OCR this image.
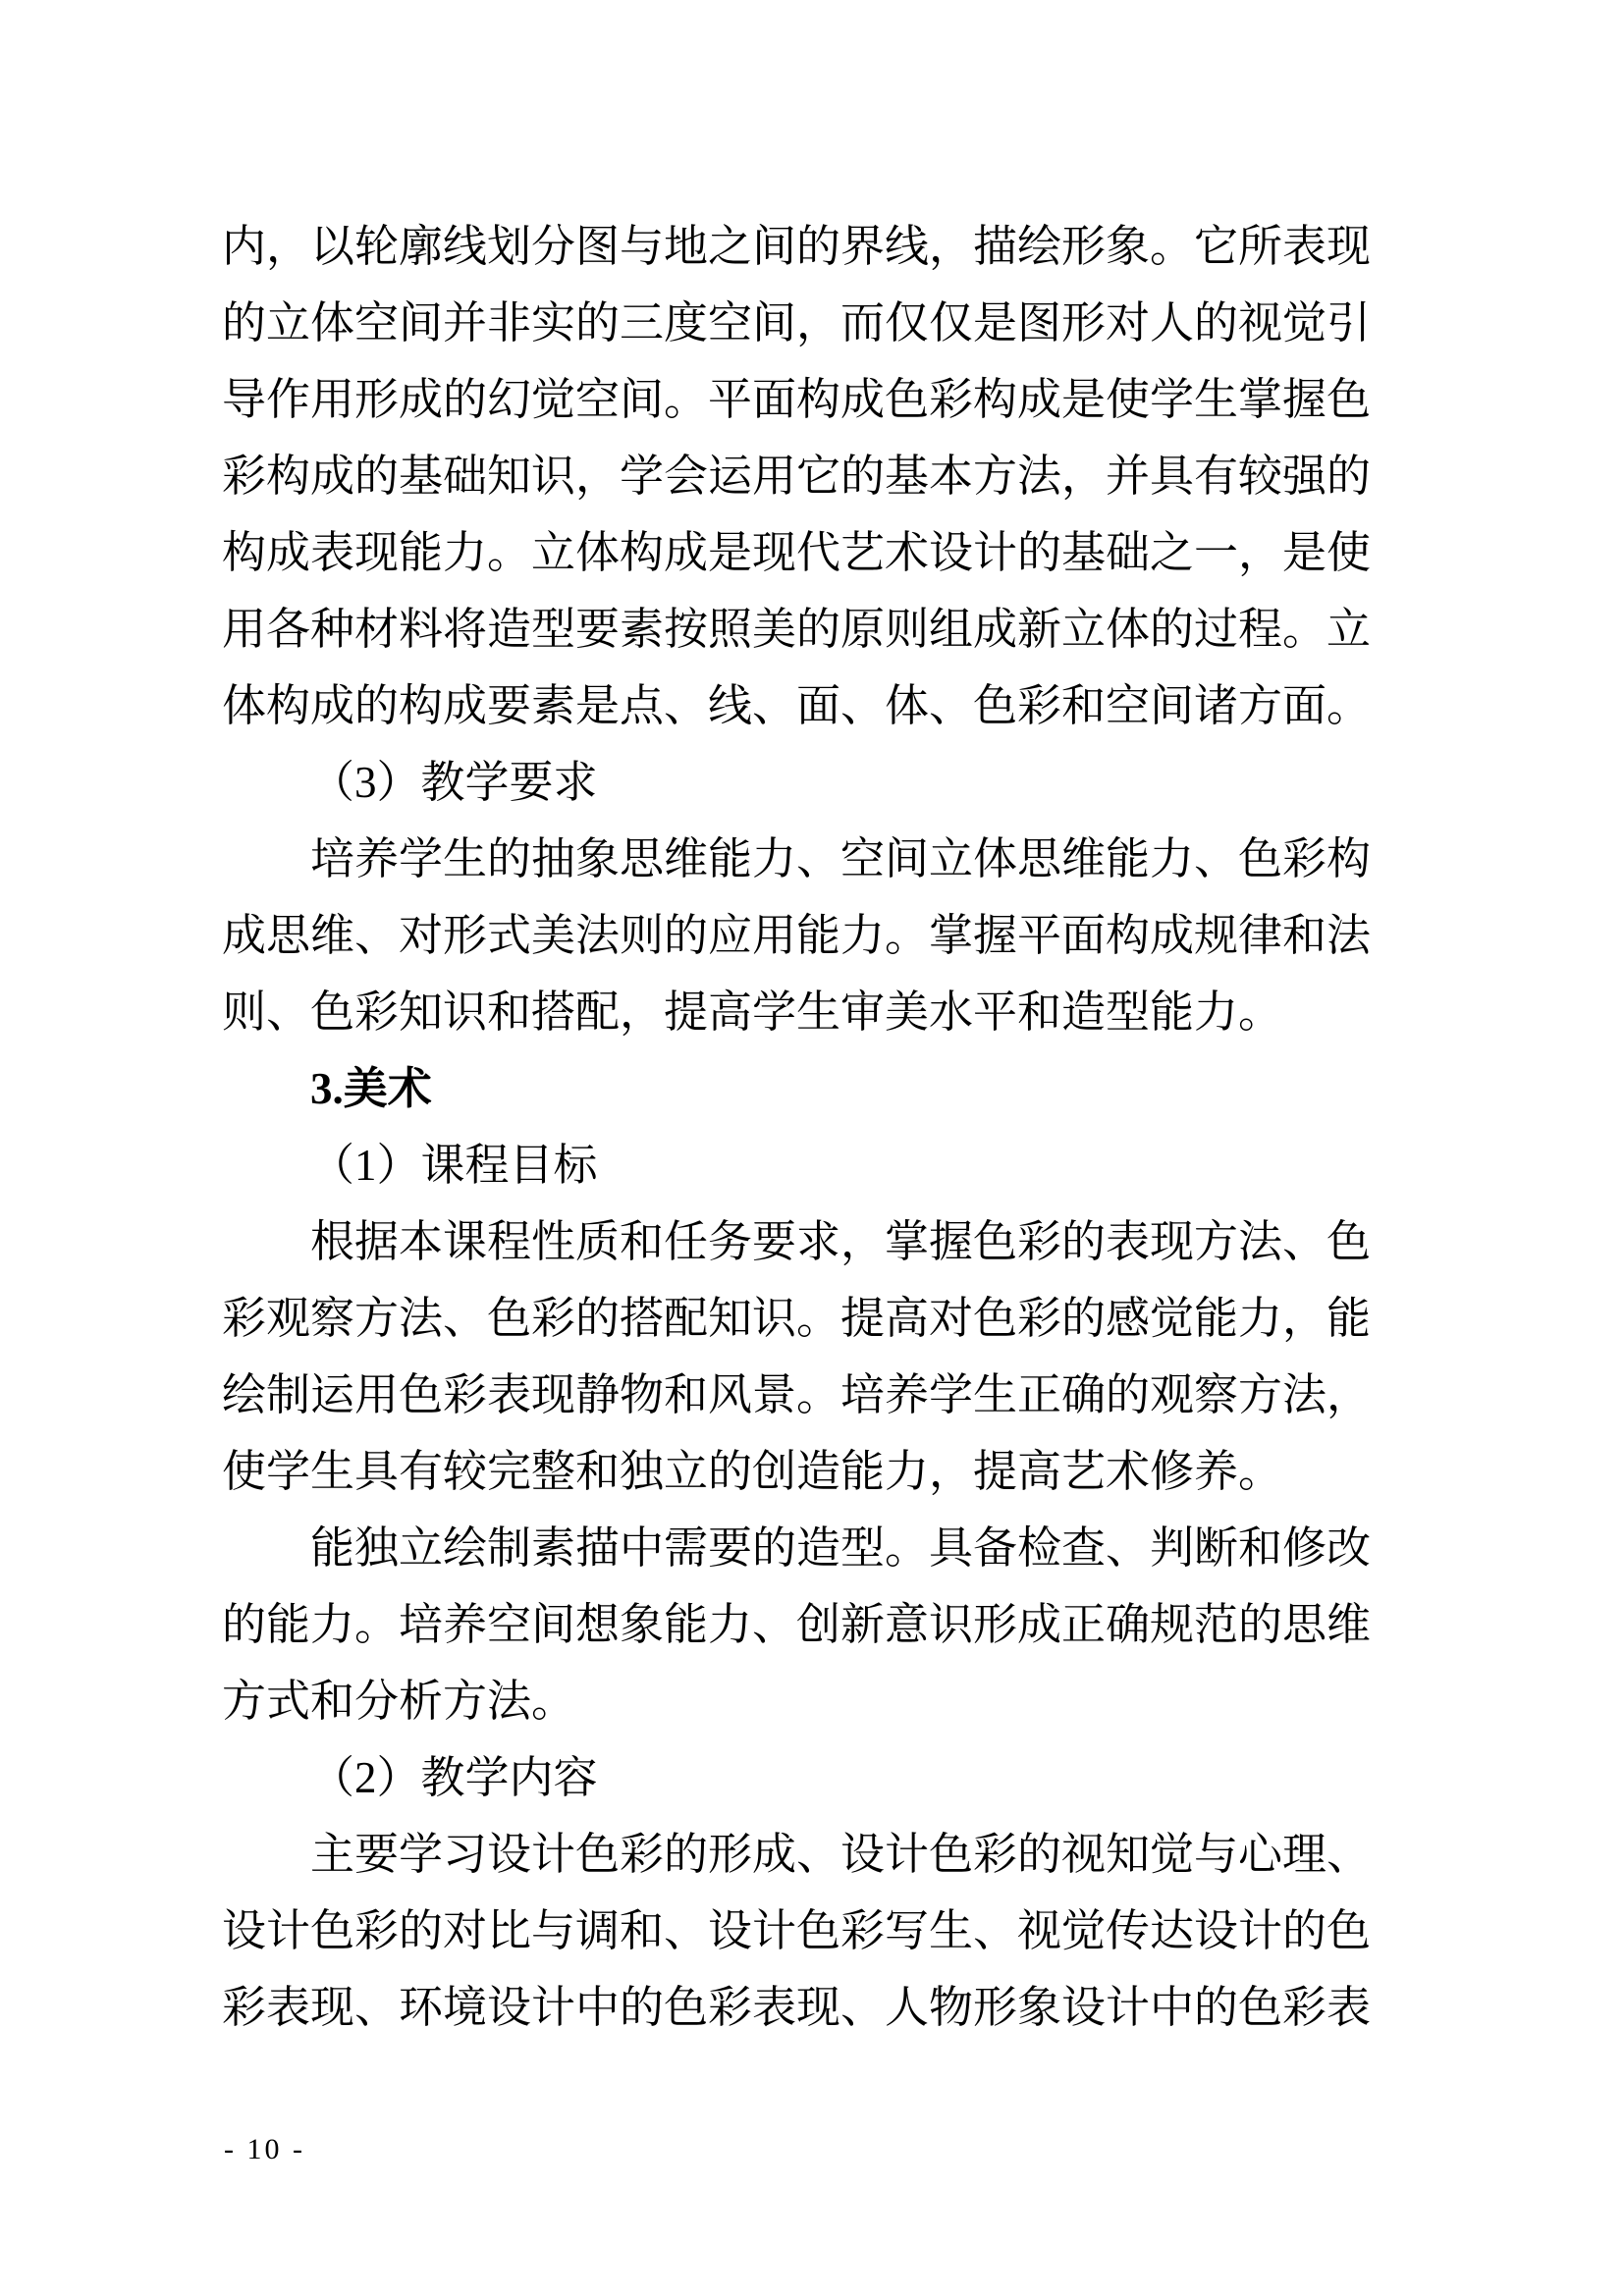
内，以轮廓线划分图与地之间的界线，描绘形象。它所表现的立体空间并非实的三度空间，而仅仅是图形对人的视觉引导作用形成的幻觉空间。平面构成色彩构成是使学生掌握色彩构成的基础知识，学会运用它的基本方法，并具有较强的构成表现能力。立体构成是现代艺术设计的基础之一，是使用各种材料将造型要素按照美的原则组成新立体的过程。立体构成的构成要素是点、线、面、体、色彩和空间诸方面。

（3）教学要求

培养学生的抽象思维能力、空间立体思维能力、色彩构成思维、对形式美法则的应用能力。掌握平面构成规律和法则、色彩知识和搭配，提高学生审美水平和造型能力。

3.美术

（1）课程目标

根据本课程性质和任务要求，掌握色彩的表现方法、色彩观察方法、色彩的搭配知识。提高对色彩的感觉能力，能绘制运用色彩表现静物和风景。培养学生正确的观察方法，使学生具有较完整和独立的创造能力，提高艺术修养。

能独立绘制素描中需要的造型。具备检查、判断和修改的能力。培养空间想象能力、创新意识形成正确规范的思维方式和分析方法。

（2）教学内容

主要学习设计色彩的形成、设计色彩的视知觉与心理、设计色彩的对比与调和、设计色彩写生、视觉传达设计的色彩表现、环境设计中的色彩表现、人物形象设计中的色彩表

- 10 -
